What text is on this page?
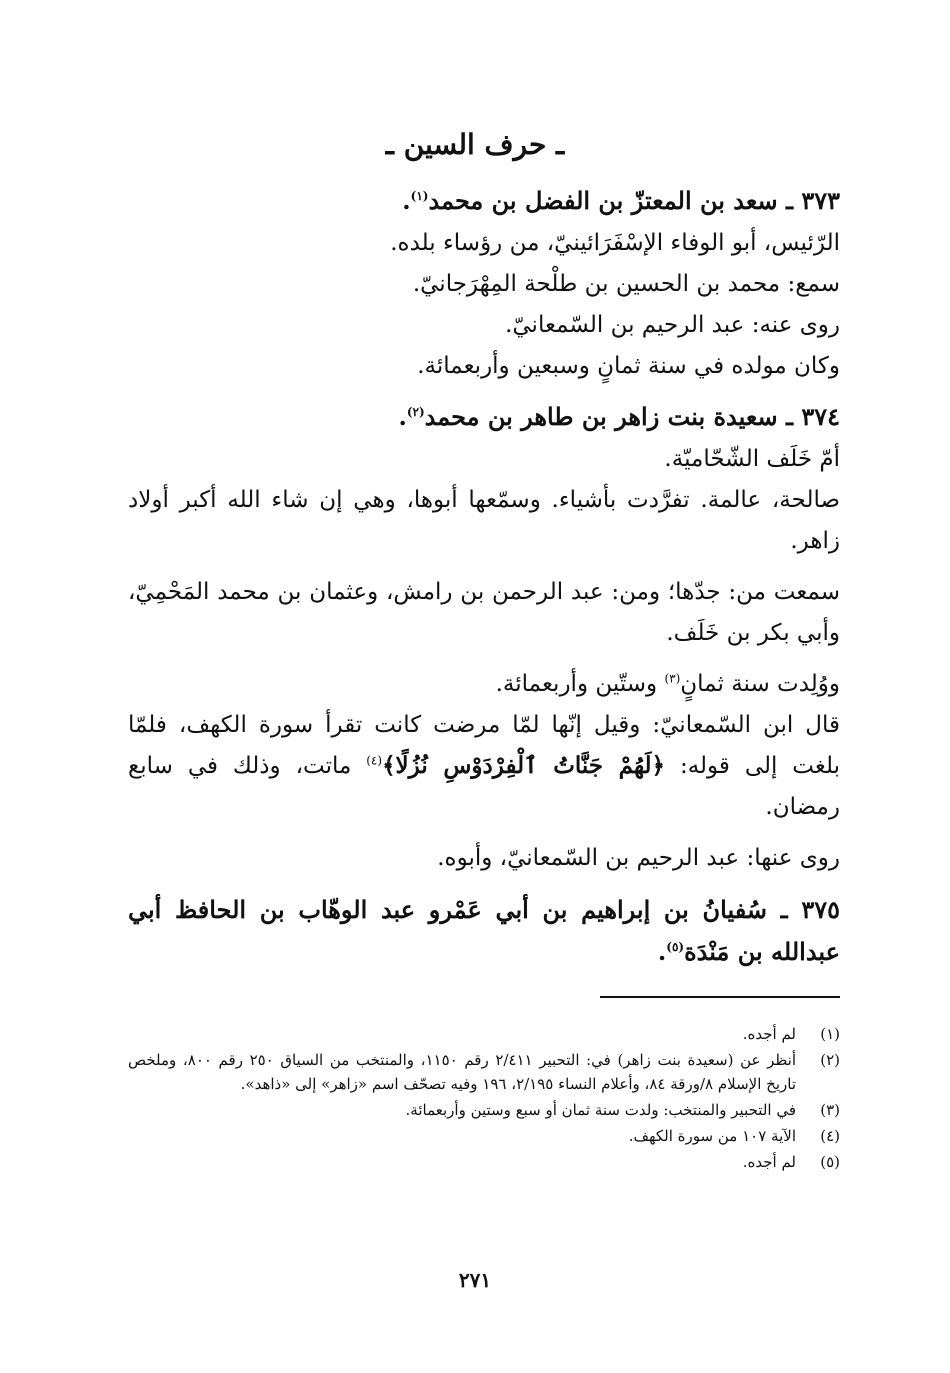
ـ حرف السين ـ

٣٧٣ ـ سعد بن المعتزّ بن الفضل بن محمد$^{(١)}$.

الرّئيس، أبو الوفاء الإسْفَرَائينيّ، من رؤساء بلده.

سمع: محمد بن الحسين بن طلْحة المِهْرَجانيّ.

روى عنه: عبد الرحيم بن السّمعانيّ.

وكان مولده في سنة ثمانٍ وسبعين وأربعمائة.

٣٧٤ ـ سعيدة بنت زاهر بن طاهر بن محمد$^{(٢)}$.

أمّ خَلَف الشّحّاميّة.

صالحة، عالمة. تفرَّدت بأشياء. وسمّعها أبوها، وهي إن شاء الله أكبر أولاد زاهر.

سمعت من: جدّها؛ ومن: عبد الرحمن بن رامش، وعثمان بن محمد المَحْمِيّ، وأبي بكر بن خَلَف.

ووُلِدت سنة ثمانٍ$^{(٣)}$ وستّين وأربعمائة.

قال ابن السّمعانيّ: وقيل إنّها لمّا مرضت كانت تقرأ سورة الكهف، فلمّا بلغت إلى قوله: ﴿لَهُمْ جَنَّاتُ ٱلْفِرْدَوْسِ نُزُلًا﴾$^{(٤)}$ ماتت، وذلك في سابع رمضان.

روى عنها: عبد الرحيم بن السّمعانيّ، وأبوه.

٣٧٥ ـ سُفيانُ بن إبراهيم بن أبي عَمْرو عبد الوهّاب بن الحافظ أبي عبدالله بن مَنْدَة$^{(٥)}$.

(١)
لم أجده.
(٢)
أنظر عن (سعيدة بنت زاهر) في: التحبير ٢/٤١١ رقم ١١٥٠، والمنتخب من السياق ٢٥٠ رقم ٨٠٠، وملخص تاريخ الإسلام ٨/ورقة ٨٤، وأعلام النساء ٢/١٩٥، ١٩٦ وفيه تصحّف اسم «زاهر» إلى «ذاهد».
(٣)
في التحبير والمنتخب: ولدت سنة ثمان أو سبع وستين وأربعمائة.
(٤)
الآية ١٠٧ من سورة الكهف.
(٥)
لم أجده.
٢٧١
